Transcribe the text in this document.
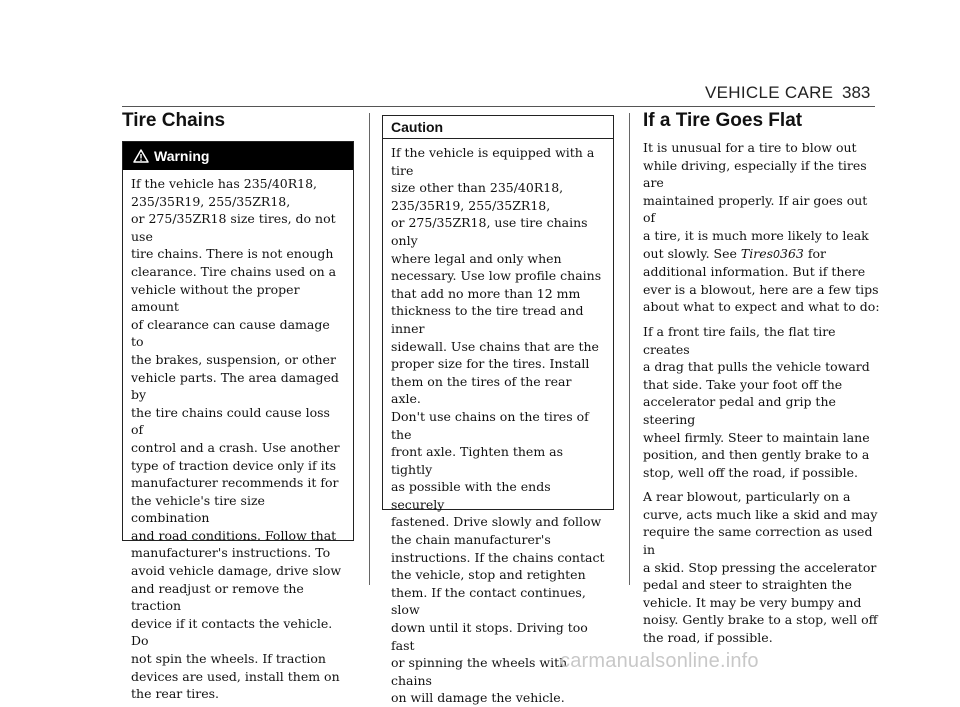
VEHICLE CARE 383
Tire Chains
Warning
If the vehicle has 235/40R18,
235/35R19, 255/35ZR18,
or 275/35ZR18 size tires, do not use
tire chains. There is not enough
clearance. Tire chains used on a
vehicle without the proper amount
of clearance can cause damage to
the brakes, suspension, or other
vehicle parts. The area damaged by
the tire chains could cause loss of
control and a crash. Use another
type of traction device only if its
manufacturer recommends it for
the vehicle's tire size combination
and road conditions. Follow that
manufacturer's instructions. To
avoid vehicle damage, drive slow
and readjust or remove the traction
device if it contacts the vehicle. Do
not spin the wheels. If traction
devices are used, install them on
the rear tires.
Caution
If the vehicle is equipped with a tire
size other than 235/40R18,
235/35R19, 255/35ZR18,
or 275/35ZR18, use tire chains only
where legal and only when
necessary. Use low profile chains
that add no more than 12 mm
thickness to the tire tread and inner
sidewall. Use chains that are the
proper size for the tires. Install
them on the tires of the rear axle.
Don't use chains on the tires of the
front axle. Tighten them as tightly
as possible with the ends securely
fastened. Drive slowly and follow
the chain manufacturer's
instructions. If the chains contact
the vehicle, stop and retighten
them. If the contact continues, slow
down until it stops. Driving too fast
or spinning the wheels with chains
on will damage the vehicle.
If a Tire Goes Flat

It is unusual for a tire to blow out
while driving, especially if the tires are
maintained properly. If air goes out of
a tire, it is much more likely to leak
out slowly. See Tires0363 for
additional information. But if there
ever is a blowout, here are a few tips
about what to expect and what to do:

If a front tire fails, the flat tire creates
a drag that pulls the vehicle toward
that side. Take your foot off the
accelerator pedal and grip the steering
wheel firmly. Steer to maintain lane
position, and then gently brake to a
stop, well off the road, if possible.

A rear blowout, particularly on a
curve, acts much like a skid and may
require the same correction as used in
a skid. Stop pressing the accelerator
pedal and steer to straighten the
vehicle. It may be very bumpy and
noisy. Gently brake to a stop, well off
the road, if possible.

carmanualsonline.info
